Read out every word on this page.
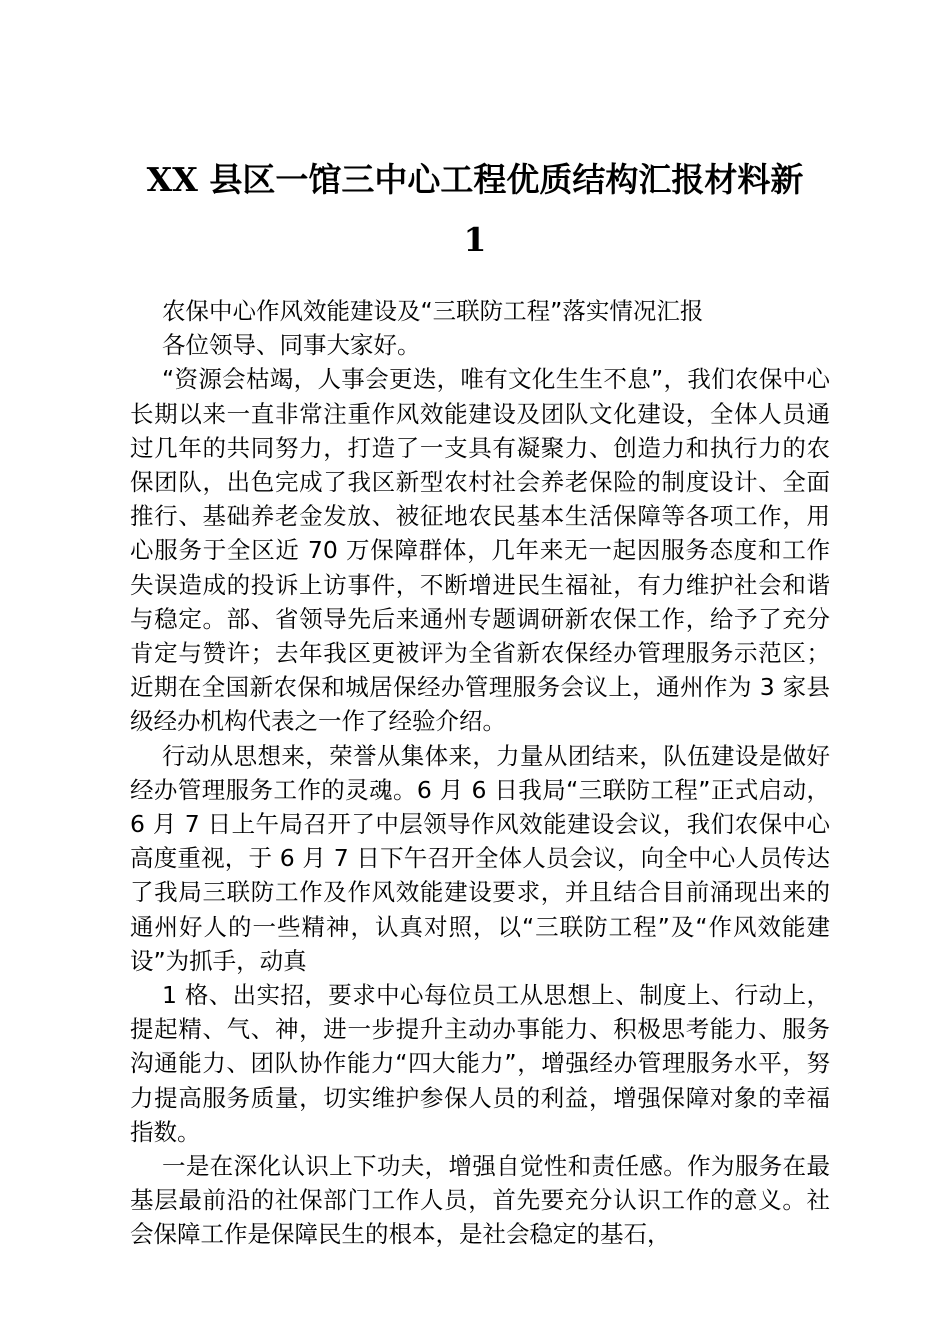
XX 县区一馆三中心工程优质结构汇报材料新
1

农保中心作风效能建设及“三联防工程”落实情况汇报

各位领导、同事大家好。

“资源会枯竭，人事会更迭，唯有文化生生不息”，我们农保中心长期以来一直非常注重作风效能建设及团队文化建设，全体人员通过几年的共同努力，打造了一支具有凝聚力、创造力和执行力的农保团队，出色完成了我区新型农村社会养老保险的制度设计、全面推行、基础养老金发放、被征地农民基本生活保障等各项工作，用心服务于全区近 70 万保障群体，几年来无一起因服务态度和工作失误造成的投诉上访事件，不断增进民生福祉，有力维护社会和谐与稳定。部、省领导先后来通州专题调研新农保工作，给予了充分肯定与赞许；去年我区更被评为全省新农保经办管理服务示范区；近期在全国新农保和城居保经办管理服务会议上，通州作为 3 家县级经办机构代表之一作了经验介绍。

行动从思想来，荣誉从集体来，力量从团结来，队伍建设是做好经办管理服务工作的灵魂。6 月 6 日我局“三联防工程”正式启动，6 月 7 日上午局召开了中层领导作风效能建设会议，我们农保中心高度重视，于 6 月 7 日下午召开全体人员会议，向全中心人员传达了我局三联防工作及作风效能建设要求，并且结合目前涌现出来的通州好人的一些精神，认真对照，以“三联防工程”及“作风效能建设”为抓手，动真

1 格、出实招，要求中心每位员工从思想上、制度上、行动上，提起精、气、神，进一步提升主动办事能力、积极思考能力、服务沟通能力、团队协作能力“四大能力”，增强经办管理服务水平，努力提高服务质量，切实维护参保人员的利益，增强保障对象的幸福指数。

一是在深化认识上下功夫，增强自觉性和责任感。作为服务在最基层最前沿的社保部门工作人员，首先要充分认识工作的意义。社会保障工作是保障民生的根本，是社会稳定的基石，
